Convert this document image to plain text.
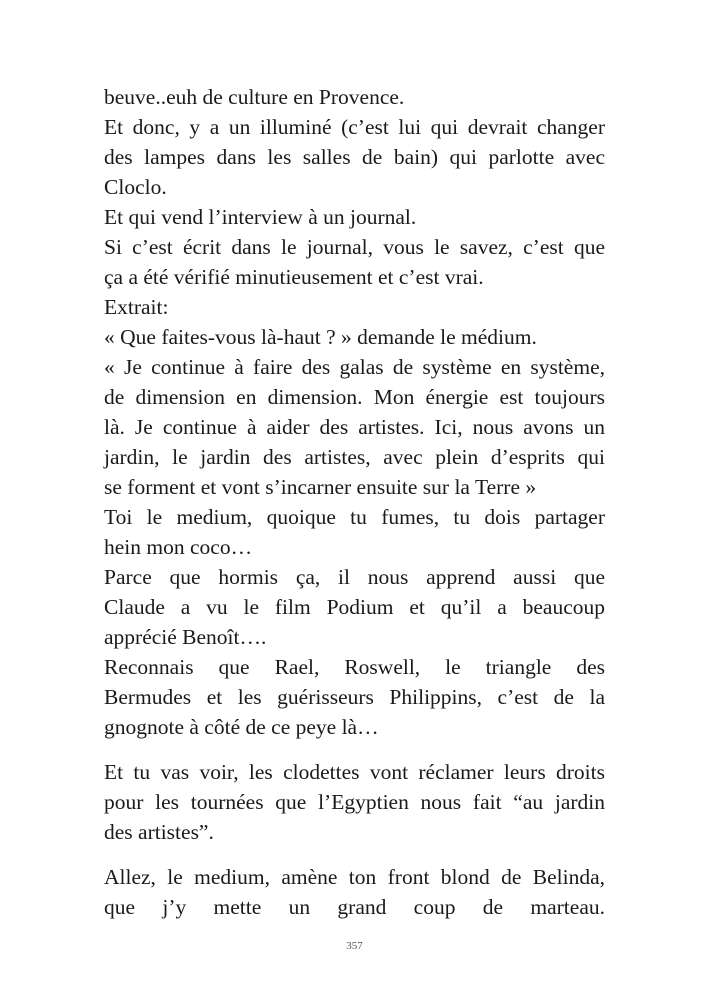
beuve..euh de culture en Provence.
Et donc, y a un illuminé (c’est lui qui devrait changer
des lampes dans les salles de bain) qui parlotte avec
Cloclo.
Et qui vend l’interview à un journal.
Si c’est écrit dans le journal, vous le savez, c’est que
ça a été vérifié minutieusement et c’est vrai.
Extrait:
« Que faites-vous là-haut ? » demande le médium.
« Je continue à faire des galas de système en système,
de dimension en dimension. Mon énergie est toujours
là. Je continue à aider des artistes. Ici, nous avons un
jardin, le jardin des artistes, avec plein d’esprits qui
se forment et vont s’incarner ensuite sur la Terre »
Toi le medium, quoique tu fumes, tu dois partager
hein mon coco…
Parce que hormis ça, il nous apprend aussi que
Claude a vu le film Podium et qu’il a beaucoup
apprécié Benoît….
Reconnais que Rael, Roswell, le triangle des
Bermudes et les guérisseurs Philippins, c’est de la
gnognote à côté de ce peye là…
Et tu vas voir, les clodettes vont réclamer leurs droits
pour les tournées que l’Egyptien nous fait “au jardin
des artistes”.
Allez, le medium, amène ton front blond de Belinda,
que j’y mette un grand coup de marteau.
357
